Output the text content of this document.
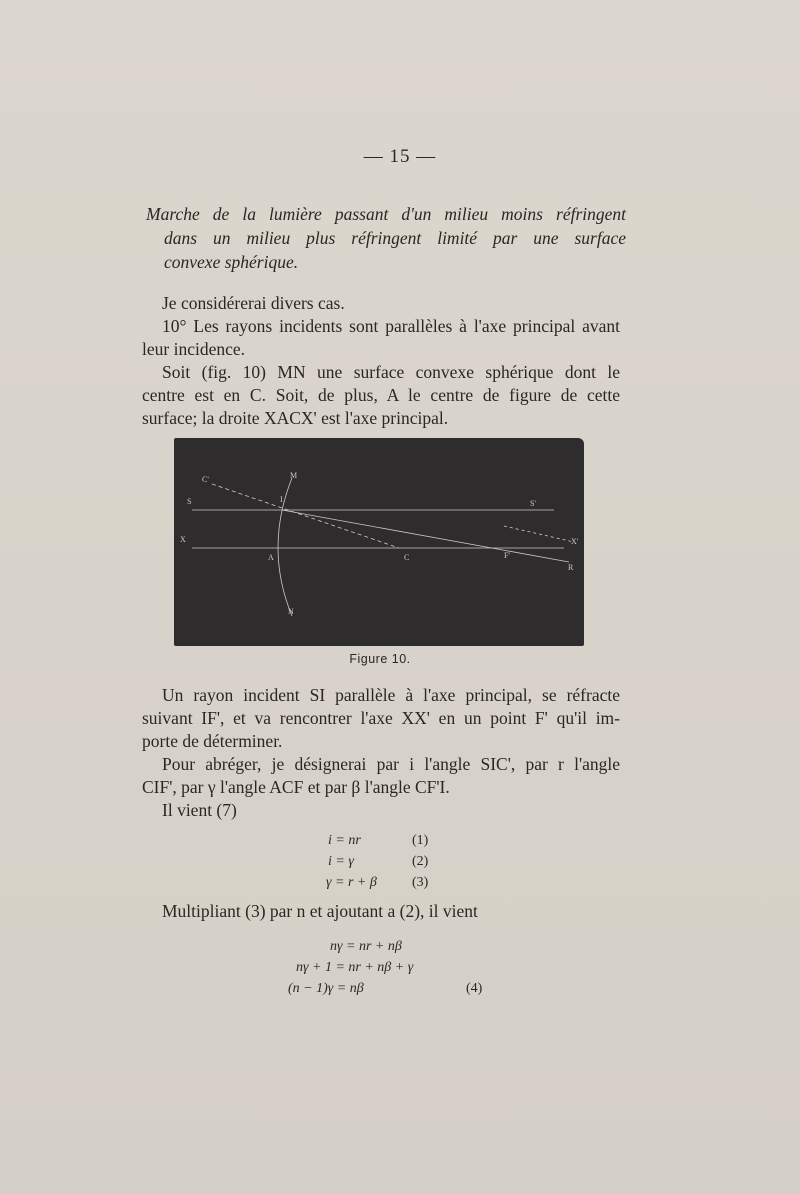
— 15 —
Marche de la lumière passant d'un milieu moins réfringent
dans un milieu plus réfringent limité par une surface
convexe sphérique.

Je considérerai divers cas.

10° Les rayons incidents sont parallèles à l'axe principal avant

leur incidence.

Soit (fig. 10) MN une surface convexe sphérique dont le

centre est en C. Soit, de plus, A le centre de figure de cette

surface; la droite XACX' est l'axe principal.

C'	M
S	I	S'
X
A	C	F'
X'
R
N
Figure 10.

Un rayon incident SI parallèle à l'axe principal, se réfracte

suivant IF', et va rencontrer l'axe XX' en un point F' qu'il im-

porte de déterminer.

Pour abréger, je désignerai par i l'angle SIC', par r l'angle

CIF', par γ l'angle ACF et par β l'angle CF'I.

Il vient (7)

i = nr	(1)
i = γ	(2)
γ = r + β	(3)

Multipliant (3) par n et ajoutant a (2), il vient

nγ = nr + nβ
nγ + 1 = nr + nβ + γ
(n − 1)γ = nβ	(4)
